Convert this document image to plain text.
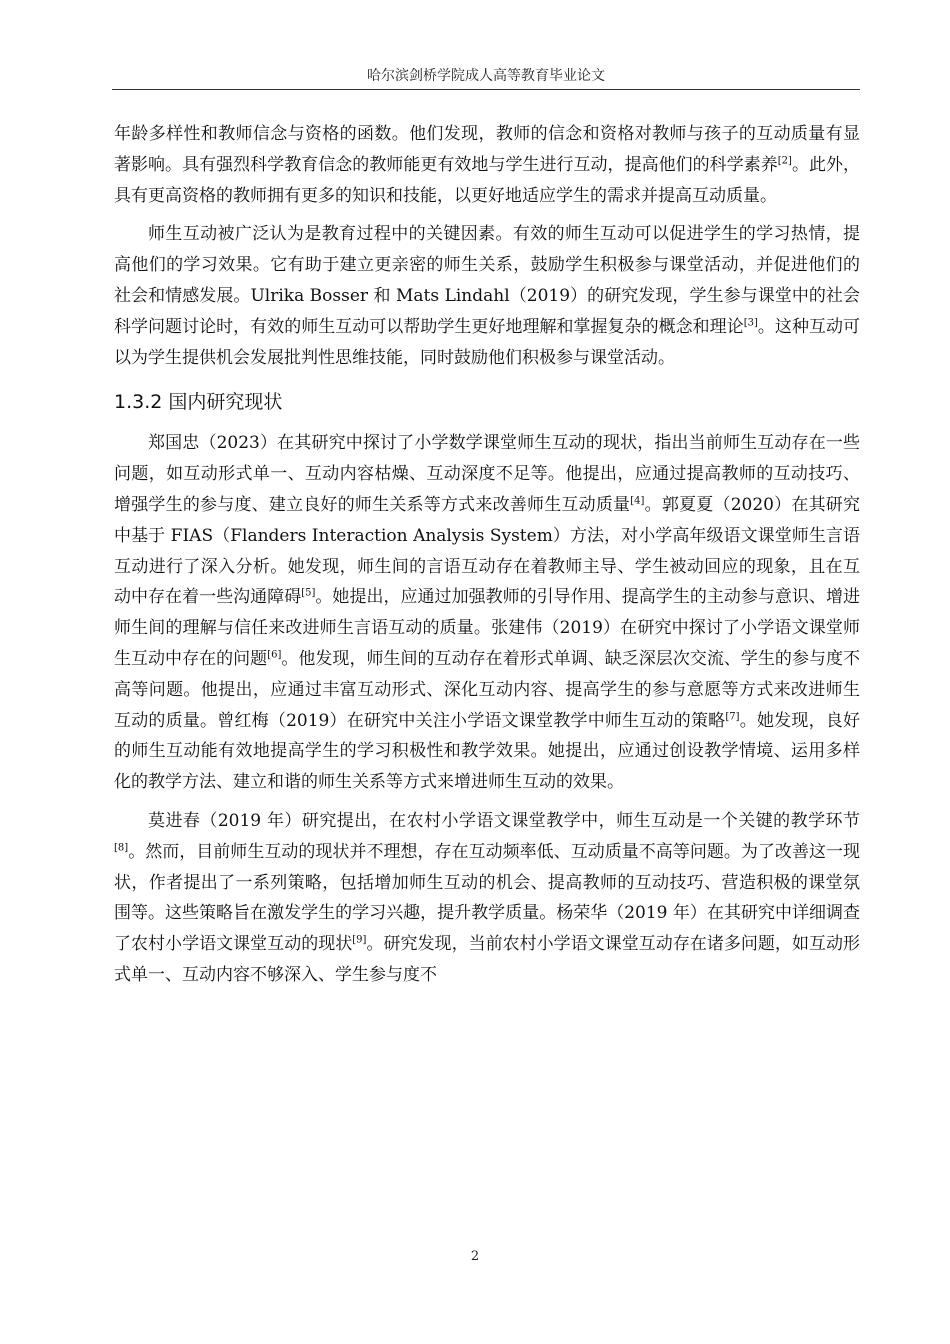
哈尔滨剑桥学院成人高等教育毕业论文

年龄多样性和教师信念与资格的函数。他们发现，教师的信念和资格对教师与孩子的互动质量有显著影响。具有强烈科学教育信念的教师能更有效地与学生进行互动，提高他们的科学素养[2]。此外，具有更高资格的教师拥有更多的知识和技能，以更好地适应学生的需求并提高互动质量。

师生互动被广泛认为是教育过程中的关键因素。有效的师生互动可以促进学生的学习热情，提高他们的学习效果。它有助于建立更亲密的师生关系，鼓励学生积极参与课堂活动，并促进他们的社会和情感发展。Ulrika Bosser 和 Mats Lindahl（2019）的研究发现，学生参与课堂中的社会科学问题讨论时，有效的师生互动可以帮助学生更好地理解和掌握复杂的概念和理论[3]。这种互动可以为学生提供机会发展批判性思维技能，同时鼓励他们积极参与课堂活动。

1.3.2 国内研究现状

郑国忠（2023）在其研究中探讨了小学数学课堂师生互动的现状，指出当前师生互动存在一些问题，如互动形式单一、互动内容枯燥、互动深度不足等。他提出，应通过提高教师的互动技巧、增强学生的参与度、建立良好的师生关系等方式来改善师生互动质量[4]。郭夏夏（2020）在其研究中基于 FIAS（Flanders Interaction Analysis System）方法，对小学高年级语文课堂师生言语互动进行了深入分析。她发现，师生间的言语互动存在着教师主导、学生被动回应的现象，且在互动中存在着一些沟通障碍[5]。她提出，应通过加强教师的引导作用、提高学生的主动参与意识、增进师生间的理解与信任来改进师生言语互动的质量。张建伟（2019）在研究中探讨了小学语文课堂师生互动中存在的问题[6]。他发现，师生间的互动存在着形式单调、缺乏深层次交流、学生的参与度不高等问题。他提出，应通过丰富互动形式、深化互动内容、提高学生的参与意愿等方式来改进师生互动的质量。曾红梅（2019）在研究中关注小学语文课堂教学中师生互动的策略[7]。她发现，良好的师生互动能有效地提高学生的学习积极性和教学效果。她提出，应通过创设教学情境、运用多样化的教学方法、建立和谐的师生关系等方式来增进师生互动的效果。

莫进春（2019 年）研究提出，在农村小学语文课堂教学中，师生互动是一个关键的教学环节[8]。然而，目前师生互动的现状并不理想，存在互动频率低、互动质量不高等问题。为了改善这一现状，作者提出了一系列策略，包括增加师生互动的机会、提高教师的互动技巧、营造积极的课堂氛围等。这些策略旨在激发学生的学习兴趣，提升教学质量。杨荣华（2019 年）在其研究中详细调查了农村小学语文课堂互动的现状[9]。研究发现，当前农村小学语文课堂互动存在诸多问题，如互动形式单一、互动内容不够深入、学生参与度不

2
